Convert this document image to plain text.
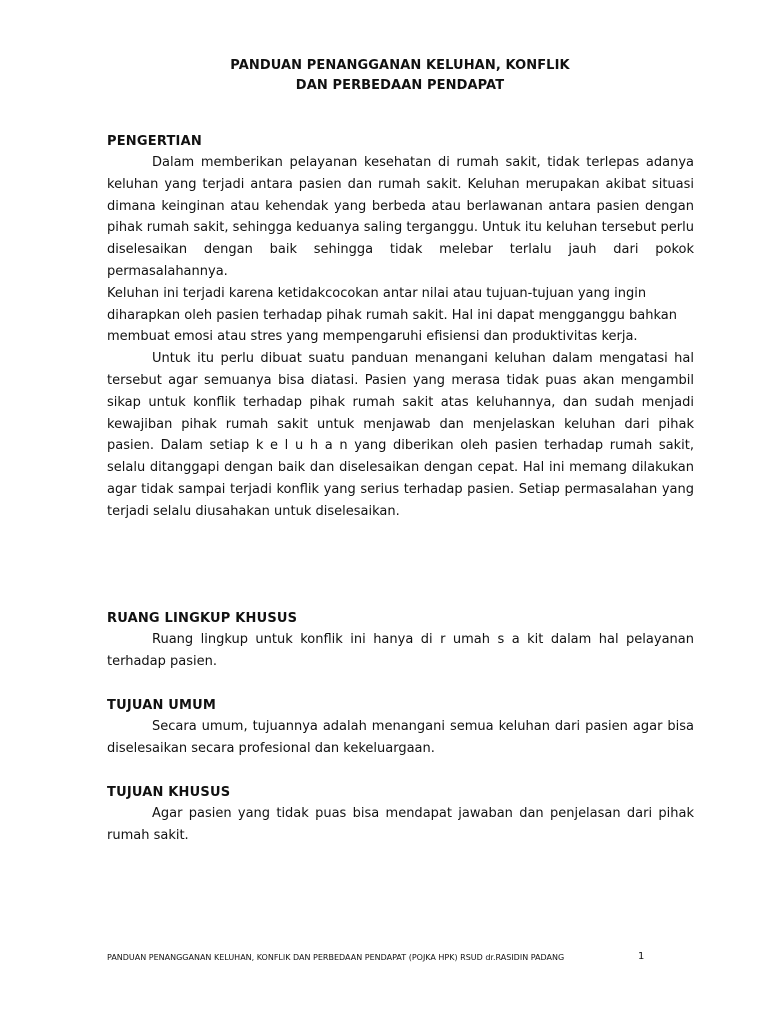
PANDUAN PENANGGANAN KELUHAN, KONFLIK
DAN PERBEDAAN PENDAPAT
PENGERTIAN

Dalam memberikan pelayanan kesehatan di rumah sakit, tidak terlepas adanya keluhan yang terjadi antara pasien dan rumah sakit. Keluhan merupakan akibat situasi dimana keinginan atau kehendak yang berbeda atau berlawanan antara pasien dengan pihak rumah sakit, sehingga keduanya saling terganggu. Untuk itu keluhan tersebut perlu diselesaikan dengan baik sehingga tidak melebar terlalu jauh dari pokok permasalahannya.

Keluhan ini terjadi karena ketidakcocokan antar nilai atau tujuan-tujuan yang ingin diharapkan oleh pasien terhadap pihak rumah sakit. Hal ini dapat mengganggu bahkan membuat emosi atau stres yang mempengaruhi efisiensi dan produktivitas kerja.

Untuk itu perlu dibuat suatu panduan menangani keluhan dalam mengatasi hal tersebut agar semuanya bisa diatasi. Pasien yang merasa tidak puas akan mengambil sikap untuk konflik terhadap pihak rumah sakit atas keluhannya, dan sudah menjadi kewajiban pihak rumah sakit untuk menjawab dan menjelaskan keluhan dari pihak pasien. Dalam setiap k e l u h a n yang diberikan oleh pasien terhadap rumah sakit, selalu ditanggapi dengan baik dan diselesaikan dengan cepat. Hal ini memang dilakukan agar tidak sampai terjadi konflik yang serius terhadap pasien. Setiap permasalahan yang terjadi selalu diusahakan untuk diselesaikan.

RUANG LINGKUP KHUSUS

Ruang lingkup untuk konflik ini hanya di r umah s a kit dalam hal pelayanan terhadap pasien.

TUJUAN UMUM

Secara umum, tujuannya adalah menangani semua keluhan dari pasien agar bisa diselesaikan secara profesional dan kekeluargaan.

TUJUAN KHUSUS

Agar pasien yang tidak puas bisa mendapat jawaban dan penjelasan dari pihak rumah sakit.

PANDUAN PENANGGANAN KELUHAN, KONFLIK DAN PERBEDAAN PENDAPAT (POJKA HPK) RSUD dr.RASIDIN PADANG	1
